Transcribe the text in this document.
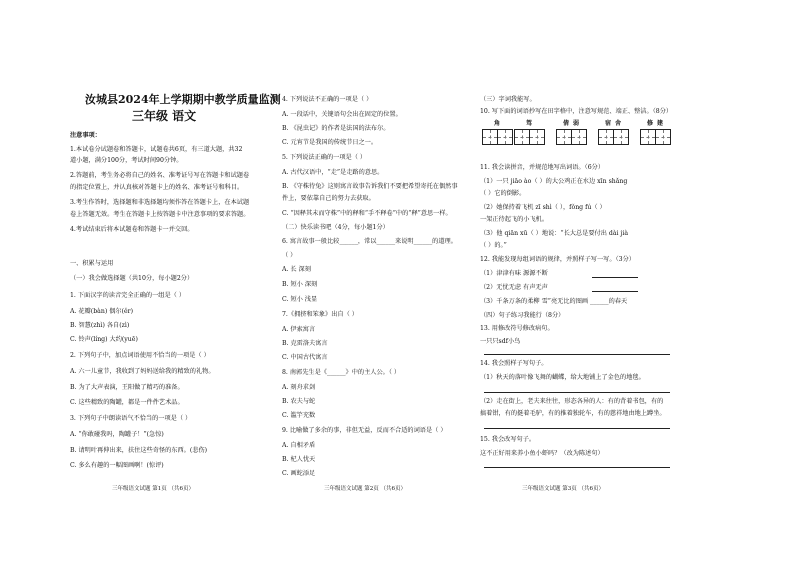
汝城县2024年上学期期中教学质量监测
三年级 语文
注意事项：
1.本试卷分试题卷和答题卡，试题卷共6页，有三道大题，共32
道小题，满分100分，考试时间90分钟。
2.答题前，考生务必将自己的姓名、准考证号写在答题卡和试题卷
的指定位置上，并认真核对答题卡上的姓名、准考证号和科目。
3.考生作答时，选择题和非选择题均须作答在答题卡上，在本试题
卷上答题无效。考生在答题卡上按答题卡中注意事项的要求答题。
4.考试结束后将本试题卷和答题卡一并交回。
一、积累与运用
（一）我会做选择题（共10分，每小题2分）
1. 下面汉字的读音完全正确的一组是（ ）
A. 花瓣(bàn) 偶尔(ěr)
B. 智慧(zhì) 各自(zì)
C. 铃声(líng) 大约(yuē)
2. 下列句子中，加点词语使用不恰当的一项是（ ）
A. 六一儿童节，我收到了妈妈送给我的精致的礼物。
B. 为了大声表演，王阳做了精巧的准备。
C. 这些精致的陶罐，都是一件件艺术品。
3. 下列句子中朗读语气不恰当的一项是（ ）
A. “你敢碰我吗，陶罐子！”(急惊)
B. 请明叶再伸出来，扶住这些奇怪的东西。(悲伤)
C. 多么有趣的一幅图画啊！(惊评)
三年级语文试题 第1页 （共6页）
4. 下列说法不正确的一项是（ ）
A. 一段话中，关键语句会出在固定的位置。
B. 《昆虫记》的作者是法国的法布尔。
C. 元宵节是我国的传统节日之一。
5. 下列说法正确的一项是（ ）
A. 古代汉语中，“走”是走路的意思。
B. 《守株待兔》这则寓言故事告诉我们不要把希望寄托在偶然事
件上，要依靠自己的努力去获取。
C. “因释其未而守株”中的释和“手不释卷”中的“释”意思一样。
（二）快乐读书吧（4分，每小题1分）
6. 寓言故事一般比较______，常以______来说明______的道理。
（ ）
A. 长 深刻
B. 短小 深刻
C. 短小 浅显
7.《拥挤和笨象》出自（ ）
A. 伊索寓言
B. 克雷洛夫寓言
C. 中国古代寓言
8. 南郭先生是《______》中的主人公。（ ）
A. 刻舟求剑
B. 农夫与蛇
C. 滥竽充数
9. 比喻做了多余的事，非但无益，反而不合适的词语是（ ）
A. 自相矛盾
B. 杞人忧天
C. 画蛇添足
三年级语文试题 第2页 （共6页）
（三）字词我能写。
10. 写下面的词语抄写在田字格中，注意写规范、端正、整洁。（8分）
角	驾	倩 弱	宿 舍	修 建
11. 我会读拼音，并规范地写出词语。（6分）
（1）一只 jiāo ào（ ）的大公鸡正在水边 xīn shǎng
（ ）它的倒影。
（2）她保持着飞机 zī shì（ ），fǒng fú（ ）
一架正待起飞的小飞机。
（3）他 qiān xū（ ）地说：“长大总是要付出 dài jià
（ ）的。”
12. 我能发现每组词语的规律，并照样子写一写。（3分）
（1）津津有味 源源不断
（2）无忧无虑 有声无声
（3）千条万条的柔柳 雪”亮无比的图画 ______的春天
（四）句子练习我能行（8分）
13. 用修改符号修改病句。
一只只sdf小鸟
14. 我会照样子写句子。
（1）秋天的落叶像飞舞的蝴蝶，给大地铺上了金色的地毯。
（2）走在街上，老夫来往往，形态各异的人：有的背着书包，有的
搞着钳，有的挺着毛驴，有的推着独轮车，有的慈祥地由地上蹲坐。
15. 我会改写句子。
这不正好用来养小鱼小虾吗？（改为陈述句）
三年级语文试题 第3页 （共6页）
